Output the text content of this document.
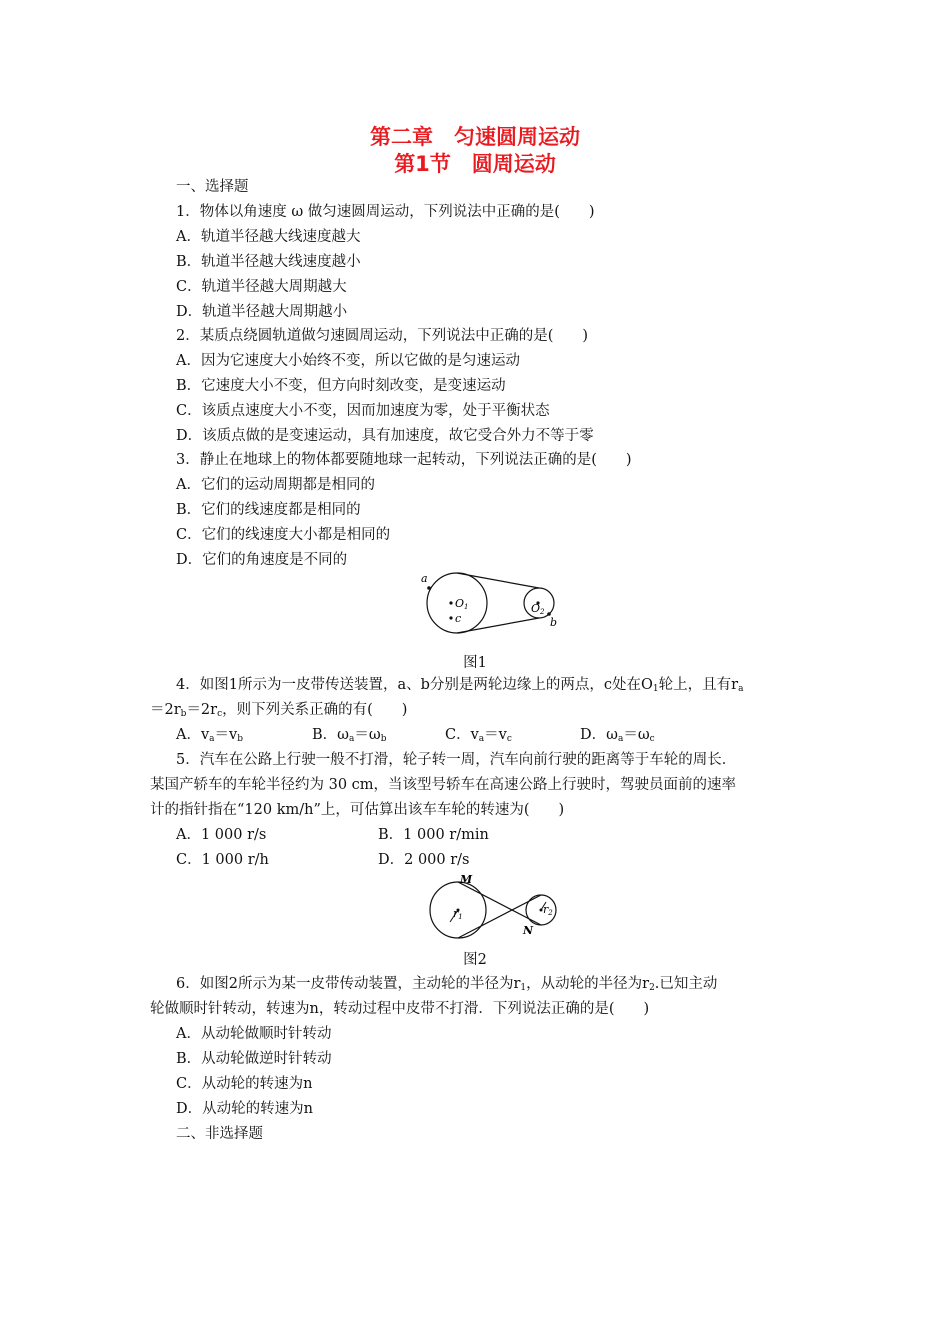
第二章　匀速圆周运动
第1节　圆周运动
一、选择题
1．物体以角速度 ω 做匀速圆周运动，下列说法中正确的是(　　)
A．轨道半径越大线速度越大
B．轨道半径越大线速度越小
C．轨道半径越大周期越大
D．轨道半径越大周期越小
2．某质点绕圆轨道做匀速圆周运动，下列说法中正确的是(　　)
A．因为它速度大小始终不变，所以它做的是匀速运动
B．它速度大小不变，但方向时刻改变，是变速运动
C．该质点速度大小不变，因而加速度为零，处于平衡状态
D．该质点做的是变速运动，具有加速度，故它受合外力不等于零
3．静止在地球上的物体都要随地球一起转动，下列说法正确的是(　　)
A．它们的运动周期都是相同的
B．它们的线速度都是相同的
C．它们的线速度大小都是相同的
D．它们的角速度是不同的
a
O1
c
O2
b
图1
4．如图1所示为一皮带传送装置，a、b分别是两轮边缘上的两点，c处在$O_1$轮上，且有$r_a$
$=2r_b=2r_c$，则下列关系正确的有(　　)
A．$v_a=v_b$	B．$\omega_a=\omega_b$	C．$v_a=v_c$	D．$\omega_a=\omega_c$
5．汽车在公路上行驶一般不打滑，轮子转一周，汽车向前行驶的距离等于车轮的周长．
某国产轿车的车轮半径约为 30 cm，当该型号轿车在高速公路上行驶时，驾驶员面前的速率
计的指针指在“120 km/h”上，可估算出该车车轮的转速为(　　)
A．1 000 r/s	B．1 000 r/min
C．1 000 r/h	D．2 000 r/s
M
N
r1
r2
图2
6．如图2所示为某一皮带传动装置，主动轮的半径为$r_1$，从动轮的半径为$r_2$.已知主动
轮做顺时针转动，转速为n，转动过程中皮带不打滑．下列说法正确的是(　　)
A．从动轮做顺时针转动
B．从动轮做逆时针转动
C．从动轮的转速为n
D．从动轮的转速为n
二、非选择题
